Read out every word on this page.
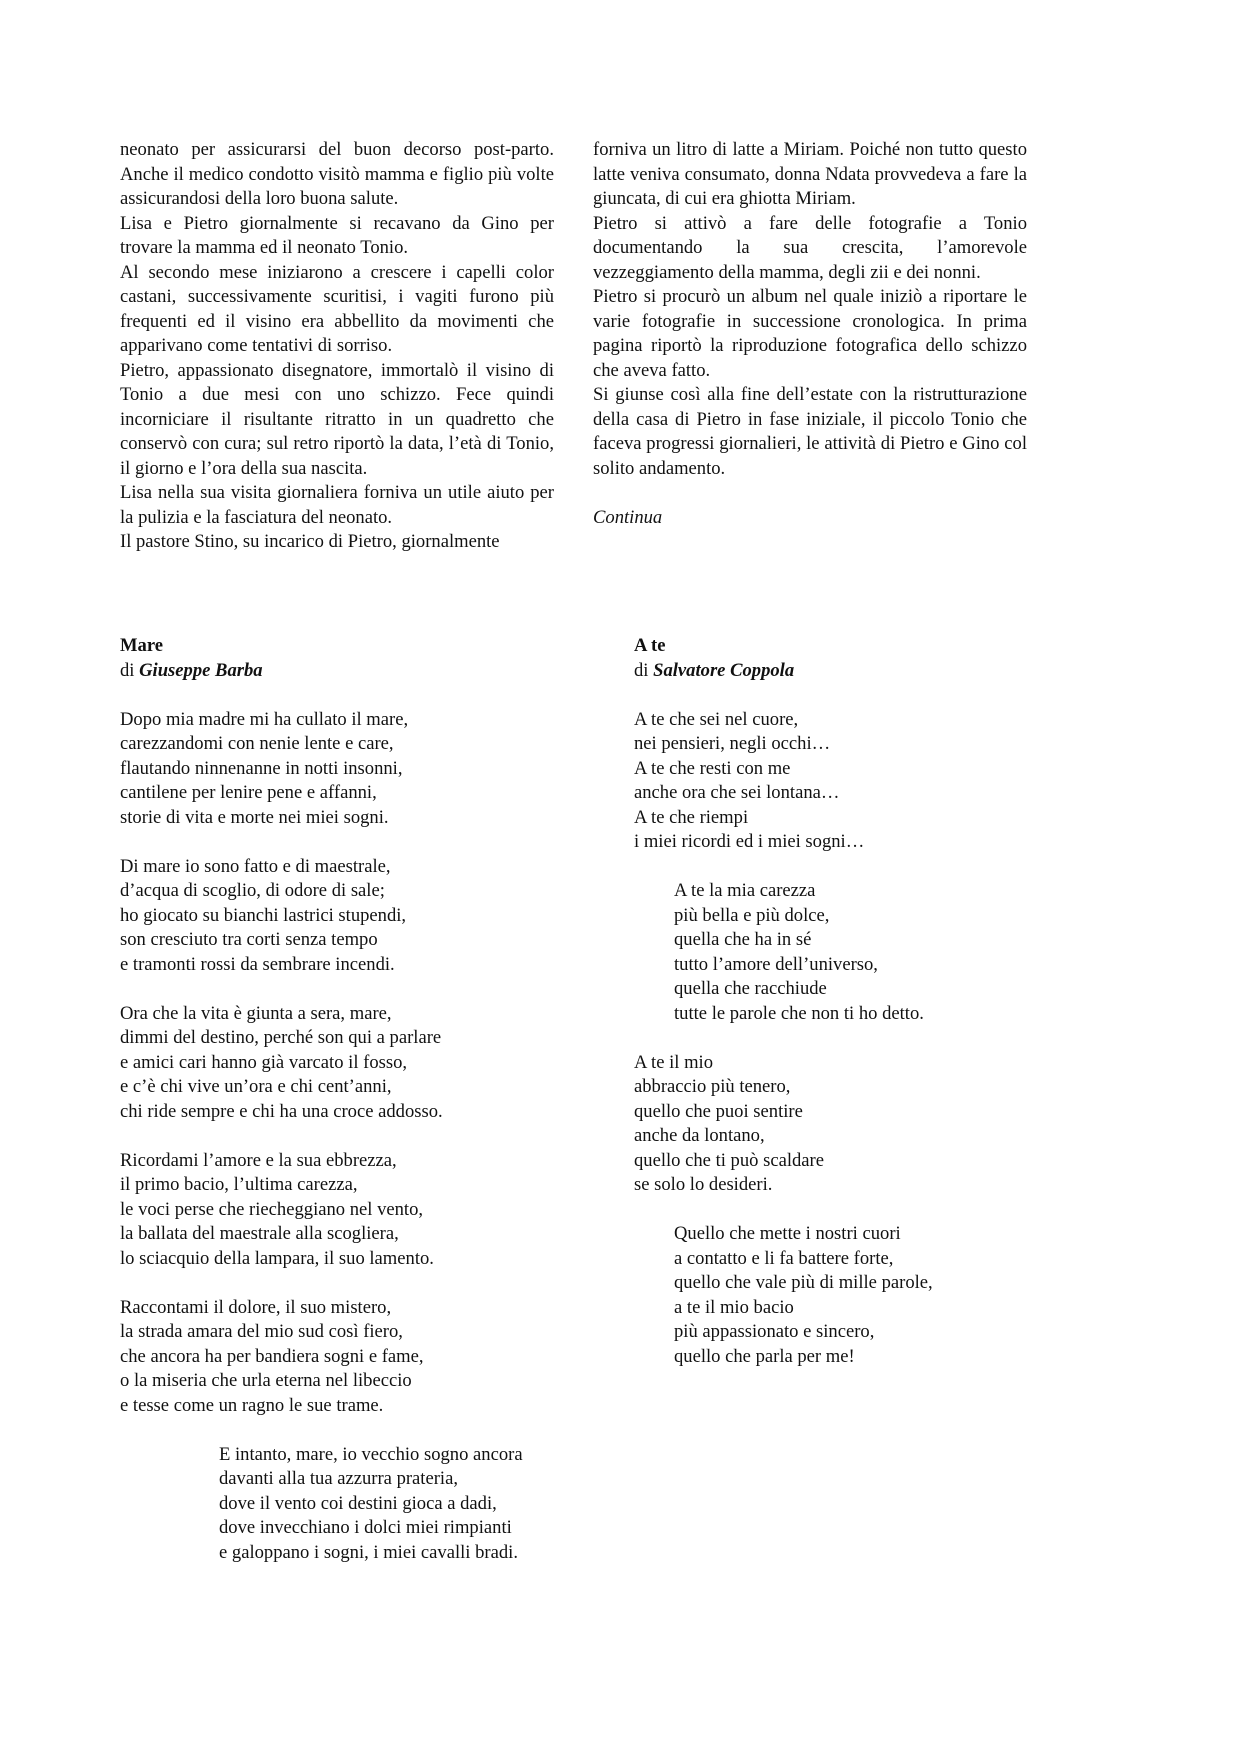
neonato per assicurarsi del buon decorso post-parto. Anche il medico condotto visitò mamma e figlio più volte assicurandosi della loro buona salute.

Lisa e Pietro giornalmente si recavano da Gino per trovare la mamma ed il neonato Tonio.

Al secondo mese iniziarono a crescere i capelli color castani, successivamente scuritisi, i vagiti furono più frequenti ed il visino era abbellito da movimenti che apparivano come tentativi di sorriso.

Pietro, appassionato disegnatore, immortalò il visino di Tonio a due mesi con uno schizzo. Fece quindi incorniciare il risultante ritratto in un quadretto che conservò con cura; sul retro riportò la data, l’età di Tonio, il giorno e l’ora della sua nascita.

Lisa nella sua visita giornaliera forniva un utile aiuto per la pulizia e la fasciatura del neonato.

Il pastore Stino, su incarico di Pietro, giornalmente

forniva un litro di latte a Miriam. Poiché non tutto questo latte veniva consumato, donna Ndata provvedeva a fare la giuncata, di cui era ghiotta Miriam.

Pietro si attivò a fare delle fotografie a Tonio documentando la sua crescita, l’amorevole vezzeggiamento della mamma, degli zii e dei nonni.

Pietro si procurò un album nel quale iniziò a riportare le varie fotografie in successione cronologica. In prima pagina riportò la riproduzione fotografica dello schizzo che aveva fatto.

Si giunse così alla fine dell’estate con la ristrutturazione della casa di Pietro in fase iniziale, il piccolo Tonio che faceva progressi giornalieri, le attività di Pietro e Gino col solito andamento.

Continua

Mare

di Giuseppe Barba

Dopo mia madre mi ha cullato il mare,
carezzandomi con nenie lente e care,
flautando ninnenanne in notti insonni,
cantilene per lenire pene e affanni,
storie di vita e morte nei miei sogni.
Di mare io sono fatto e di maestrale,
d’acqua di scoglio, di odore di sale;
ho giocato su bianchi lastrici stupendi,
son cresciuto tra corti senza tempo
e tramonti rossi da sembrare incendi.
Ora che la vita è giunta a sera, mare,
dimmi del destino, perché son qui a parlare
e amici cari hanno già varcato il fosso,
e c’è chi vive un’ora e chi cent’anni,
chi ride sempre e chi ha una croce addosso.
Ricordami l’amore e la sua ebbrezza,
il primo bacio, l’ultima carezza,
le voci perse che riecheggiano nel vento,
la ballata del maestrale alla scogliera,
lo sciacquio della lampara, il suo lamento.
Raccontami il dolore, il suo mistero,
la strada amara del mio sud così fiero,
che ancora ha per bandiera sogni e fame,
o la miseria che urla eterna nel libeccio
e tesse come un ragno le sue trame.
E intanto, mare, io vecchio sogno ancora
davanti alla tua azzurra prateria,
dove il vento coi destini gioca a dadi,
dove invecchiano i dolci miei rimpianti
e galoppano i sogni, i miei cavalli bradi.

A te

di Salvatore Coppola

A te che sei nel cuore,
nei pensieri, negli occhi…
A te che resti con me
anche ora che sei lontana…
A te che riempi
i miei ricordi ed i miei sogni…
A te la mia carezza
più bella e più dolce,
quella che ha in sé
tutto l’amore dell’universo,
quella che racchiude
tutte le parole che non ti ho detto.
A te il mio
abbraccio più tenero,
quello che puoi sentire
anche da lontano,
quello che ti può scaldare
se solo lo desideri.
Quello che mette i nostri cuori
a contatto e li fa battere forte,
quello che vale più di mille parole,
a te il mio bacio
più appassionato e sincero,
quello che parla per me!
